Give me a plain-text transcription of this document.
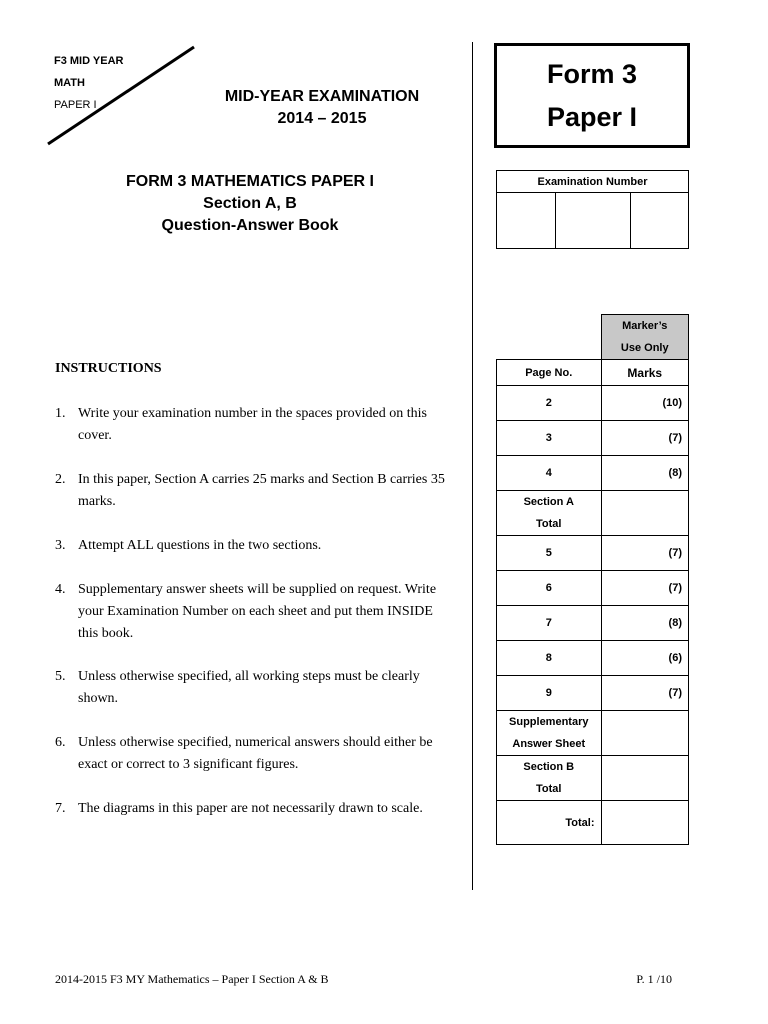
F3 MID YEAR
MATH
PAPER I	MID-YEAR EXAMINATION
2014 – 2015
FORM 3 MATHEMATICS PAPER I
Section A, B
Question-Answer Book
Form 3
Paper I
Examination Number

	Marker’s
Use Only

Page No.	Marks
2	(10)
3	(7)
4	(8)

Section A
Total	

5	(7)
6	(7)
7	(8)
8	(6)
9	(7)

Supplementary
Answer Sheet	

Section B
Total	

Total:	
INSTRUCTIONS
1. Write your examination number in the spaces provided on this cover.
2. In this paper, Section A carries 25 marks and Section B carries 35 marks.
3. Attempt ALL questions in the two sections.
4. Supplementary answer sheets will be supplied on request. Write your Examination Number on each sheet and put them INSIDE this book.
5. Unless otherwise specified, all working steps must be clearly shown.
6. Unless otherwise specified, numerical answers should either be exact or correct to 3 significant figures.
7. The diagrams in this paper are not necessarily drawn to scale.
2014-2015 F3 MY Mathematics – Paper I Section A & B	P. 1 /10
